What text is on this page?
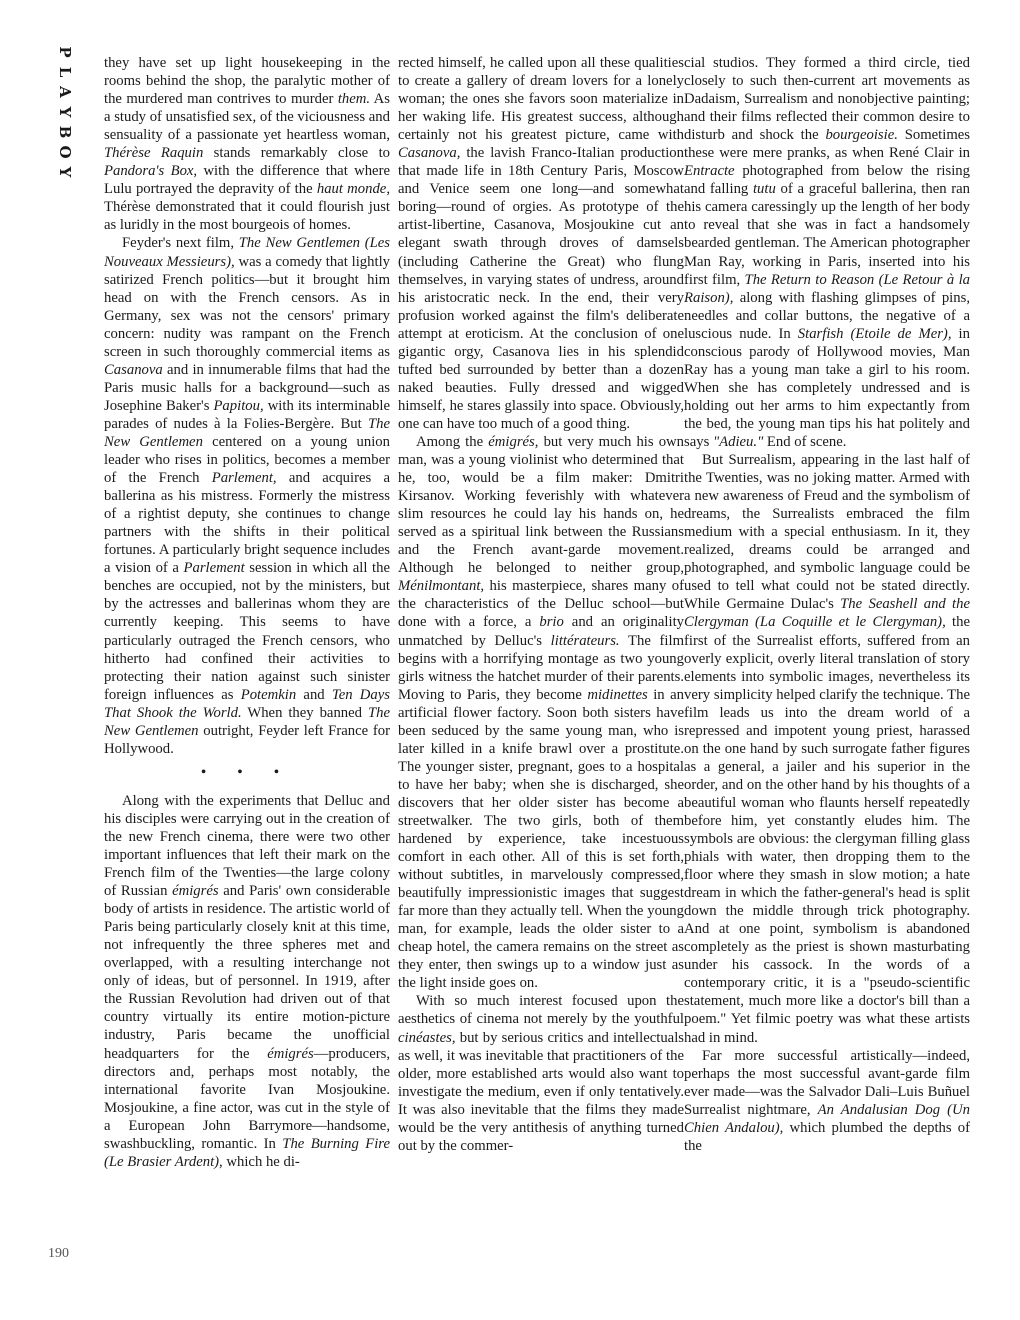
P
L
A
Y
B
O
Y

they have set up light housekeeping in the rooms behind the shop, the paralytic mother of the murdered man contrives to murder them. As a study of unsatisfied sex, of the viciousness and sensuality of a passionate yet heartless woman, Thérèse Raquin stands remarkably close to Pandora's Box, with the difference that where Lulu portrayed the depravity of the haut monde, Thérèse demonstrated that it could flourish just as luridly in the most bourgeois of homes.

Feyder's next film, The New Gentlemen (Les Nouveaux Messieurs), was a comedy that lightly satirized French politics—but it brought him head on with the French censors. As in Germany, sex was not the censors' primary concern: nudity was rampant on the French screen in such thoroughly commercial items as Casanova and in innumerable films that had the Paris music halls for a background—such as Josephine Baker's Papitou, with its interminable parades of nudes à la Folies-Bergère. But The New Gentlemen centered on a young union leader who rises in politics, becomes a member of the French Parlement, and acquires a ballerina as his mistress. Formerly the mistress of a rightist deputy, she continues to change partners with the shifts in their political fortunes. A particularly bright sequence includes a vision of a Parlement session in which all the benches are occupied, not by the ministers, but by the actresses and ballerinas whom they are currently keeping. This seems to have particularly outraged the French censors, who hitherto had confined their activities to protecting their nation against such sinister foreign influences as Potemkin and Ten Days That Shook the World. When they banned The New Gentlemen outright, Feyder left France for Hollywood.

• • •

Along with the experiments that Delluc and his disciples were carrying out in the creation of the new French cinema, there were two other important influences that left their mark on the French film of the Twenties—the large colony of Russian émigrés and Paris' own considerable body of artists in residence. The artistic world of Paris being particularly closely knit at this time, not infrequently the three spheres met and overlapped, with a resulting interchange not only of ideas, but of personnel. In 1919, after the Russian Revolution had driven out of that country virtually its entire motion-picture industry, Paris became the unofficial headquarters for the émigrés—producers, directors and, perhaps most notably, the international favorite Ivan Mosjoukine. Mosjoukine, a fine actor, was cut in the style of a European John Barrymore—handsome, swashbuckling, romantic. In The Burning Fire (Le Brasier Ardent), which he di-

rected himself, he called upon all these qualities to create a gallery of dream lovers for a lonely woman; the ones she favors soon materialize in her waking life. His greatest success, although certainly not his greatest picture, came with Casanova, the lavish Franco-Italian production that made life in 18th Century Paris, Moscow and Venice seem one long—and somewhat boring—round of orgies. As prototype of the artist-libertine, Casanova, Mosjoukine cut an elegant swath through droves of damsels (including Catherine the Great) who flung themselves, in varying states of undress, around his aristocratic neck. In the end, their very profusion worked against the film's deliberate attempt at eroticism. At the conclusion of one gigantic orgy, Casanova lies in his splendid tufted bed surrounded by better than a dozen naked beauties. Fully dressed and wigged himself, he stares glassily into space. Obviously, one can have too much of a good thing.

Among the émigrés, but very much his own man, was a young violinist who determined that he, too, would be a film maker: Dmitri Kirsanov. Working feverishly with whatever slim resources he could lay his hands on, he served as a spiritual link between the Russians and the French avant-garde movement. Although he belonged to neither group, Ménilmontant, his masterpiece, shares many of the characteristics of the Delluc school—but done with a force, a brio and an originality unmatched by Delluc's littérateurs. The film begins with a horrifying montage as two young girls witness the hatchet murder of their parents. Moving to Paris, they become midinettes in an artificial flower factory. Soon both sisters have been seduced by the same young man, who is later killed in a knife brawl over a prostitute. The younger sister, pregnant, goes to a hospital to have her baby; when she is discharged, she discovers that her older sister has become a streetwalker. The two girls, both of them hardened by experience, take incestuous comfort in each other. All of this is set forth, without subtitles, in marvelously compressed, beautifully impressionistic images that suggest far more than they actually tell. When the young man, for example, leads the older sister to a cheap hotel, the camera remains on the street as they enter, then swings up to a window just as the light inside goes on.

With so much interest focused upon the aesthetics of cinema not merely by the youthful cinéastes, but by serious critics and intellectuals as well, it was inevitable that practitioners of the older, more established arts would also want to investigate the medium, even if only tentatively. It was also inevitable that the films they made would be the very antithesis of anything turned out by the commer-

cial studios. They formed a third circle, tied closely to such then-current art movements as Dadaism, Surrealism and nonobjective painting; and their films reflected their common desire to disturb and shock the bourgeoisie. Sometimes these were mere pranks, as when René Clair in Entracte photographed from below the rising and falling tutu of a graceful ballerina, then ran his camera caressingly up the length of her body to reveal that she was in fact a handsomely bearded gentleman. The American photographer Man Ray, working in Paris, inserted into his first film, The Return to Reason (Le Retour à la Raison), along with flashing glimpses of pins, needles and collar buttons, the negative of a luscious nude. In Starfish (Etoile de Mer), in conscious parody of Hollywood movies, Man Ray has a young man take a girl to his room. When she has completely undressed and is holding out her arms to him expectantly from the bed, the young man tips his hat politely and says "Adieu." End of scene.

But Surrealism, appearing in the last half of the Twenties, was no joking matter. Armed with a new awareness of Freud and the symbolism of dreams, the Surrealists embraced the film medium with a special enthusiasm. In it, they realized, dreams could be arranged and photographed, and symbolic language could be used to tell what could not be stated directly. While Germaine Dulac's The Seashell and the Clergyman (La Coquille et le Clergyman), the first of the Surrealist efforts, suffered from an overly explicit, overly literal translation of story elements into symbolic images, nevertheless its very simplicity helped clarify the technique. The film leads us into the dream world of a repressed and impotent young priest, harassed on the one hand by such surrogate father figures as a general, a jailer and his superior in the order, and on the other hand by his thoughts of a beautiful woman who flaunts herself repeatedly before him, yet constantly eludes him. The symbols are obvious: the clergyman filling glass phials with water, then dropping them to the floor where they smash in slow motion; a hate dream in which the father-general's head is split down the middle through trick photography. And at one point, symbolism is abandoned completely as the priest is shown masturbating under his cassock. In the words of a contemporary critic, it is a "pseudo-scientific statement, much more like a doctor's bill than a poem." Yet filmic poetry was what these artists had in mind.

Far more successful artistically—indeed, perhaps the most successful avant-garde film ever made—was the Salvador Dali–Luis Buñuel Surrealist nightmare, An Andalusian Dog (Un Chien Andalou), which plumbed the depths of the

190
